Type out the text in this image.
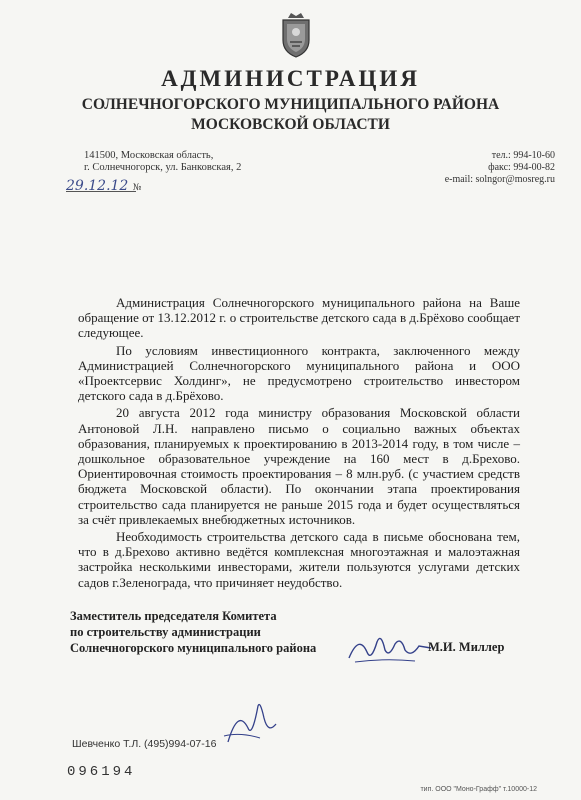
АДМИНИСТРАЦИЯ
СОЛНЕЧНОГОРСКОГО МУНИЦИПАЛЬНОГО РАЙОНА
МОСКОВСКОЙ ОБЛАСТИ
141500, Московская область,
г. Солнечногорск, ул. Банковская, 2
тел.: 994-10-60
факс: 994-00-82
e-mail: solngor@mosreg.ru
29.12.12 №

Администрация Солнечногорского муниципального района на Ваше обращение от 13.12.2012 г. о строительстве детского сада в д.Брёхово сообщает следующее.

По условиям инвестиционного контракта, заключенного между Администрацией Солнечногорского муниципального района и ООО «Проектсервис Холдинг», не предусмотрено строительство инвестором детского сада в д.Брёхово.

20 августа 2012 года министру образования Московской области Антоновой Л.Н. направлено письмо о социально важных объектах образования, планируемых к проектированию в 2013-2014 году, в том числе – дошкольное образовательное учреждение на 160 мест в д.Брехово. Ориентировочная стоимость проектирования – 8 млн.руб. (с участием средств бюджета Московской области). По окончании этапа проектирования строительство сада планируется не раньше 2015 года и будет осуществляться за счёт привлекаемых внебюджетных источников.

Необходимость строительства детского сада в письме обоснована тем, что в д.Брехово активно ведётся комплексная многоэтажная и малоэтажная застройка несколькими инвесторами, жители пользуются услугами детских садов г.Зеленограда, что причиняет неудобство.

Заместитель председателя Комитета
по строительству администрации
Солнечногорского муниципального района	М.И. Миллер
Шевченко Т.Л. (495)994-07-16
096194
тип. ООО "Моно-Графф" т.10000-12
